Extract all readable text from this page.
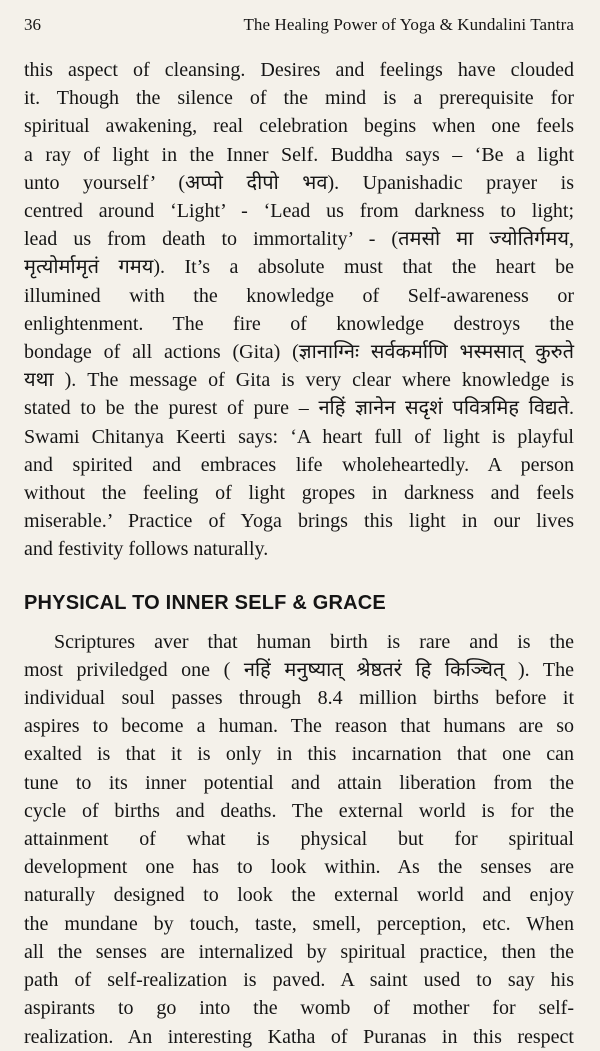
36	The Healing Power of Yoga & Kundalini Tantra
this aspect of cleansing. Desires and feelings have clouded
it. Though the silence of the mind is a prerequisite for
spiritual awakening, real celebration begins when one feels
a ray of light in the Inner Self. Buddha says – ‘Be a light
unto yourself’ (अप्पो दीपो भव). Upanishadic prayer is
centred around ‘Light’ - ‘Lead us from darkness to light;
lead us from death to immortality’ - (तमसो मा ज्योतिर्गमय,
मृत्योर्मामृतं गमय). It’s a absolute must that the heart be
illumined with the knowledge of Self-awareness or
enlightenment. The fire of knowledge destroys the
bondage of all actions (Gita) (ज्ञानाग्निः सर्वकर्माणि भस्मसात् कुरुते
यथा ). The message of Gita is very clear where knowledge is
stated to be the purest of pure – नहिं ज्ञानेन सदृशं पवित्रमिह विद्यते.
Swami Chitanya Keerti says: ‘A heart full of light is playful
and spirited and embraces life wholeheartedly. A person
without the feeling of light gropes in darkness and feels
miserable.’ Practice of Yoga brings this light in our lives
and festivity follows naturally.
PHYSICAL TO INNER SELF & GRACE
Scriptures aver that human birth is rare and is the
most priviledged one ( नहिं मनुष्यात् श्रेष्ठतरं हि किञ्चित् ). The
individual soul passes through 8.4 million births before it
aspires to become a human. The reason that humans are so
exalted is that it is only in this incarnation that one can
tune to its inner potential and attain liberation from the
cycle of births and deaths. The external world is for the
attainment of what is physical but for spiritual
development one has to look within. As the senses are
naturally designed to look the external world and enjoy
the mundane by touch, taste, smell, perception, etc. When
all the senses are internalized by spiritual practice, then the
path of self-realization is paved. A saint used to say his
aspirants to go into the womb of mother for self-
realization. An interesting Katha of Puranas in this respect
